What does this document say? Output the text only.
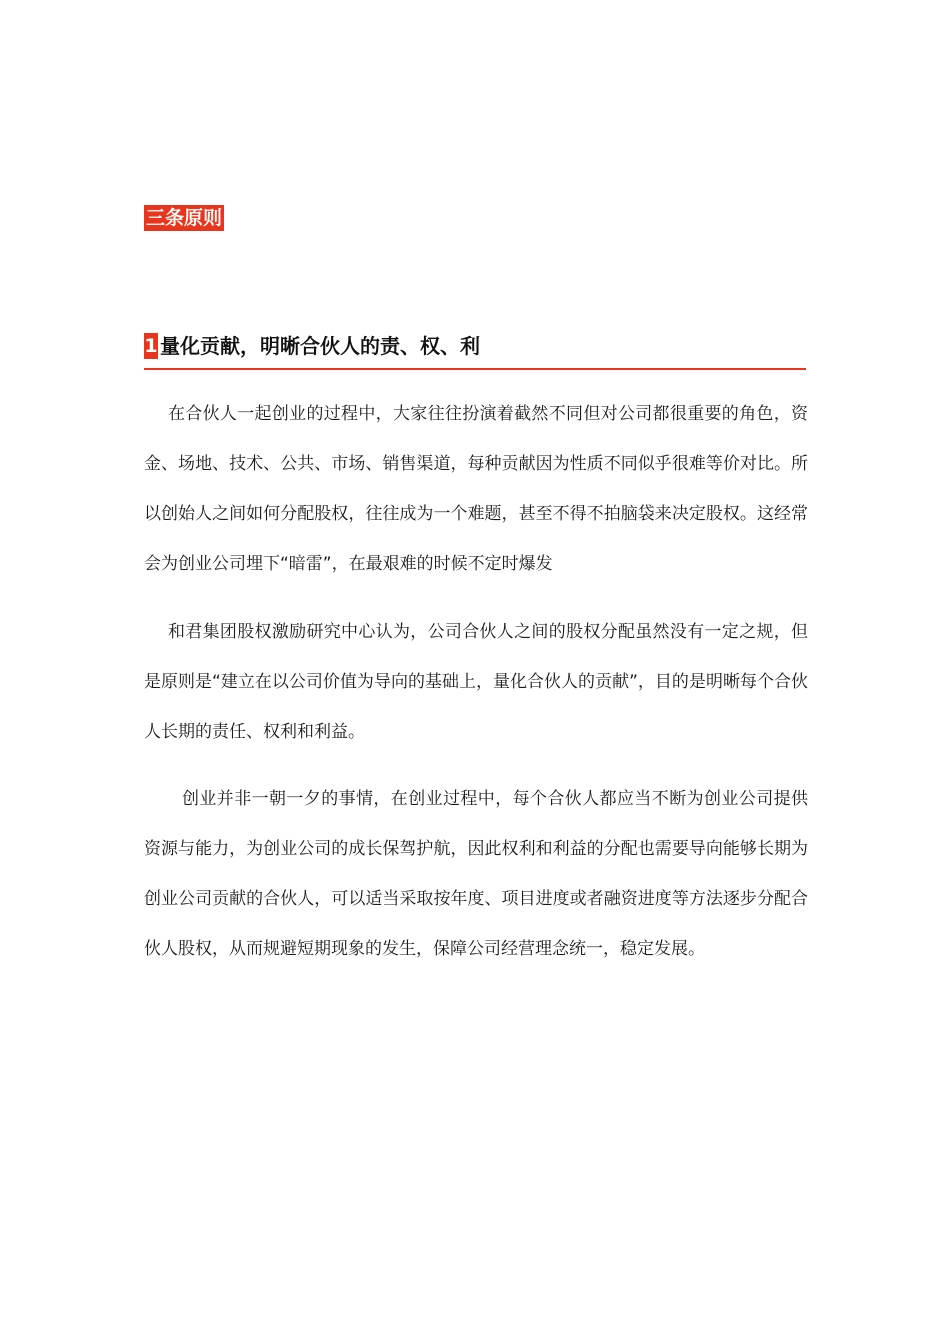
三条原则
1 量化贡献，明晰合伙人的责、权、利

在合伙人一起创业的过程中，大家往往扮演着截然不同但对公司都很重要的角色，资金、场地、技术、公共、市场、销售渠道，每种贡献因为性质不同似乎很难等价对比。所以创始人之间如何分配股权，往往成为一个难题，甚至不得不拍脑袋来决定股权。这经常会为创业公司埋下“暗雷”，在最艰难的时候不定时爆发

和君集团股权激励研究中心认为，公司合伙人之间的股权分配虽然没有一定之规，但是原则是“建立在以公司价值为导向的基础上，量化合伙人的贡献”，目的是明晰每个合伙人长期的责任、权利和利益。

创业并非一朝一夕的事情，在创业过程中，每个合伙人都应当不断为创业公司提供资源与能力，为创业公司的成长保驾护航，因此权利和利益的分配也需要导向能够长期为创业公司贡献的合伙人，可以适当采取按年度、项目进度或者融资进度等方法逐步分配合伙人股权，从而规避短期现象的发生，保障公司经营理念统一，稳定发展。
